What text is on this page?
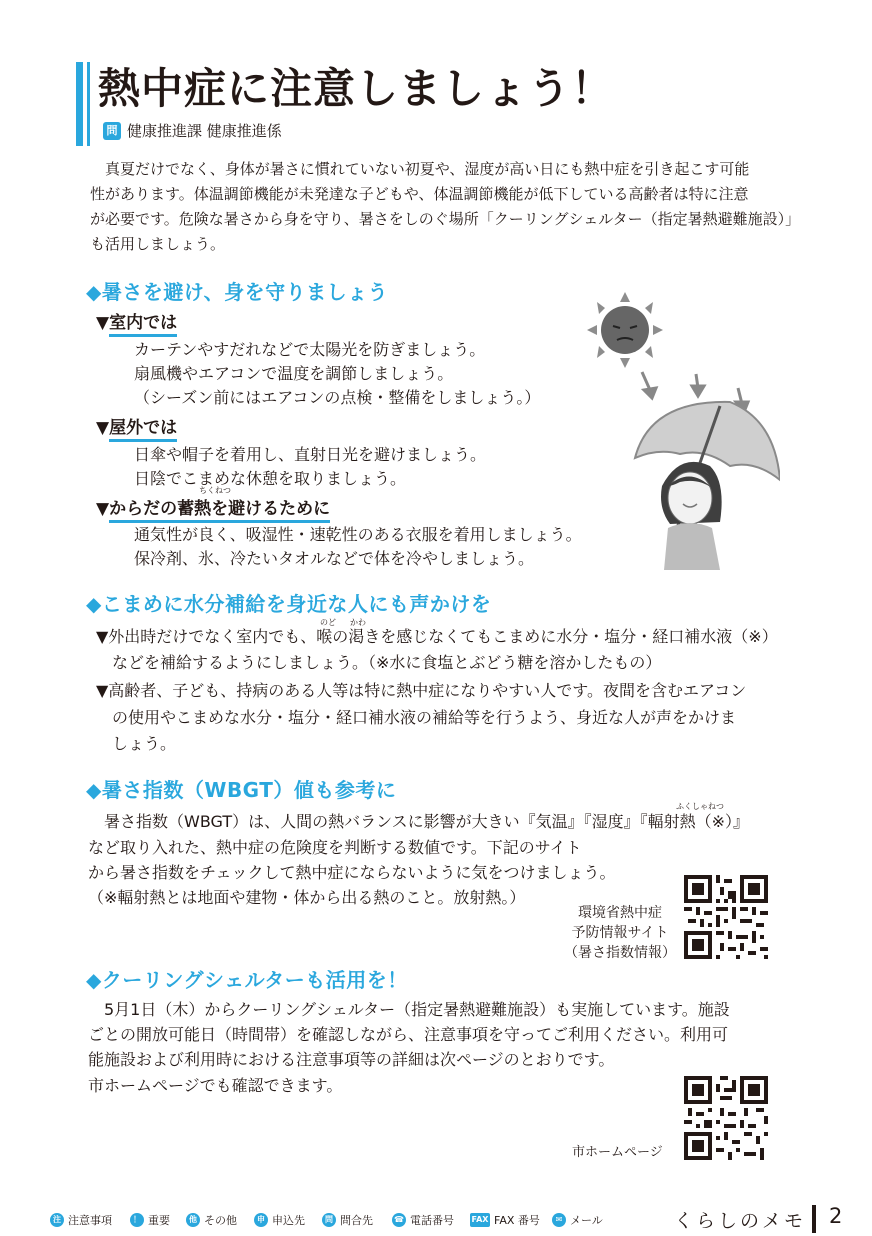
熱中症に注意しましょう！
問 健康推進課 健康推進係
　真夏だけでなく、身体が暑さに慣れていない初夏や、湿度が高い日にも熱中症を引き起こす可能
性があります。体温調節機能が未発達な子どもや、体温調節機能が低下している高齢者は特に注意
が必要です。危険な暑さから身を守り、暑さをしのぐ場所「クーリングシェルター（指定暑熱避難施設）」
も活用しましょう。
◆暑さを避け、身を守りましょう
▼室内では
カーテンやすだれなどで太陽光を防ぎましょう。
扇風機やエアコンで温度を調節しましょう。
（シーズン前にはエアコンの点検・整備をしましょう。）
▼屋外では
日傘や帽子を着用し、直射日光を避けましょう。
日陰でこまめな休憩を取りましょう。
ちくねつ
▼からだの蓄熱を避けるために
通気性が良く、吸湿性・速乾性のある衣服を着用しましょう。
保冷剤、氷、冷たいタオルなどで体を冷やしましょう。
◆こまめに水分補給を身近な人にも声かけを
のど かわ
▼外出時だけでなく室内でも、喉の渇きを感じなくてもこまめに水分・塩分・経口補水液（※）
　などを補給するようにしましょう。（※水に食塩とぶどう糖を溶かしたもの）
▼高齢者、子ども、持病のある人等は特に熱中症になりやすい人です。夜間を含むエアコン
　の使用やこまめな水分・塩分・経口補水液の補給等を行うよう、身近な人が声をかけま
　しょう。
◆暑さ指数（WBGT）値も参考に
ふくしゃねつ
　暑さ指数（WBGT）は、人間の熱バランスに影響が大きい『気温』『湿度』『輻射熱（※）』
など取り入れた、熱中症の危険度を判断する数値です。下記のサイト
から暑さ指数をチェックして熱中症にならないように気をつけましょう。
（※輻射熱とは地面や建物・体から出る熱のこと。放射熱。）
環境省熱中症
予防情報サイト
（暑さ指数情報）
◆クーリングシェルターも活用を！
　5月1日（木）からクーリングシェルター（指定暑熱避難施設）も実施しています。施設
ごとの開放可能日（時間帯）を確認しながら、注意事項を守ってご利用ください。利用可
能施設および利用時における注意事項等の詳細は次ページのとおりです。
市ホームページでも確認できます。
市ホームページ
注 注意事項	！ 重要	他 その他	申 申込先	問 問合先	☎ 電話番号 FAX FAX 番号	✉ メール	くらしのメモ 2
